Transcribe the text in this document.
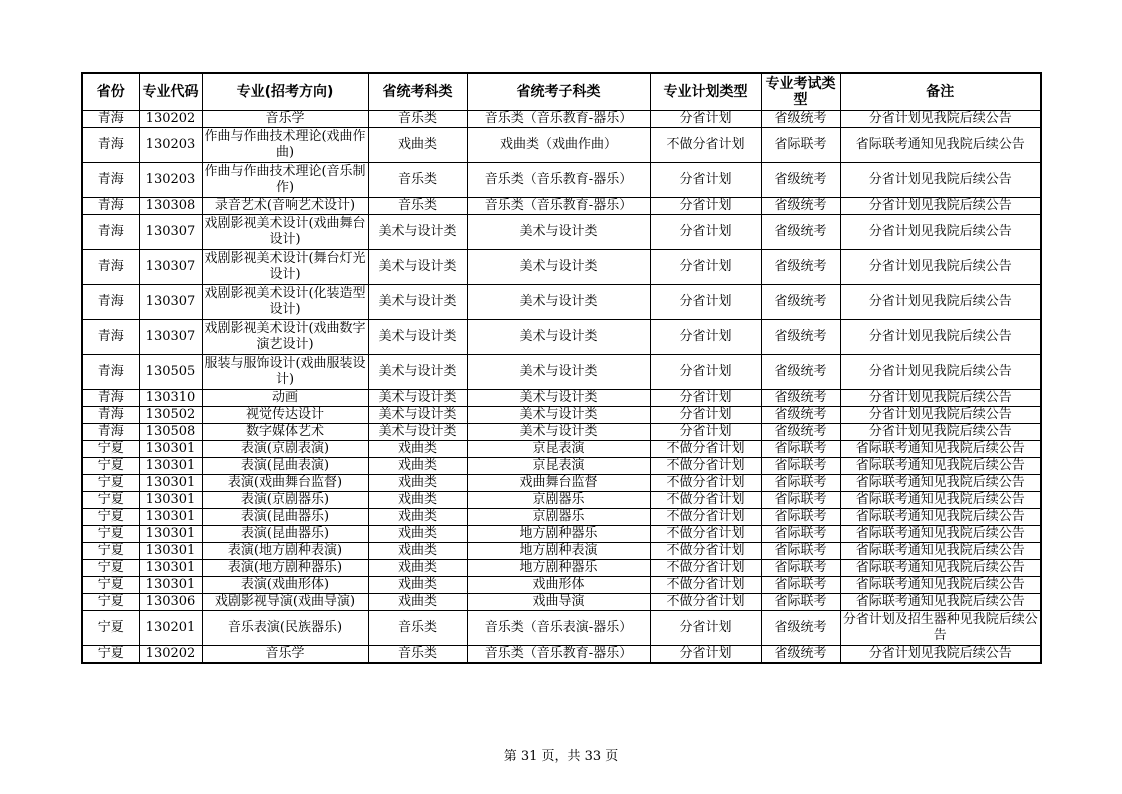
省份	专业代码	专业(招考方向)	省统考科类	省统考子科类	专业计划类型	专业考试类型	备注
青海	130202	音乐学	音乐类	音乐类（音乐教育-器乐）	分省计划	省级统考	分省计划见我院后续公告
青海	130203	作曲与作曲技术理论(戏曲作曲)	戏曲类	戏曲类（戏曲作曲）	不做分省计划	省际联考	省际联考通知见我院后续公告
青海	130203	作曲与作曲技术理论(音乐制作)	音乐类	音乐类（音乐教育-器乐）	分省计划	省级统考	分省计划见我院后续公告
青海	130308	录音艺术(音响艺术设计)	音乐类	音乐类（音乐教育-器乐）	分省计划	省级统考	分省计划见我院后续公告
青海	130307	戏剧影视美术设计(戏曲舞台设计)	美术与设计类	美术与设计类	分省计划	省级统考	分省计划见我院后续公告
青海	130307	戏剧影视美术设计(舞台灯光设计)	美术与设计类	美术与设计类	分省计划	省级统考	分省计划见我院后续公告
青海	130307	戏剧影视美术设计(化装造型设计)	美术与设计类	美术与设计类	分省计划	省级统考	分省计划见我院后续公告
青海	130307	戏剧影视美术设计(戏曲数字演艺设计)	美术与设计类	美术与设计类	分省计划	省级统考	分省计划见我院后续公告
青海	130505	服装与服饰设计(戏曲服装设计)	美术与设计类	美术与设计类	分省计划	省级统考	分省计划见我院后续公告
青海	130310	动画	美术与设计类	美术与设计类	分省计划	省级统考	分省计划见我院后续公告
青海	130502	视觉传达设计	美术与设计类	美术与设计类	分省计划	省级统考	分省计划见我院后续公告
青海	130508	数字媒体艺术	美术与设计类	美术与设计类	分省计划	省级统考	分省计划见我院后续公告
宁夏	130301	表演(京剧表演)	戏曲类	京昆表演	不做分省计划	省际联考	省际联考通知见我院后续公告
宁夏	130301	表演(昆曲表演)	戏曲类	京昆表演	不做分省计划	省际联考	省际联考通知见我院后续公告
宁夏	130301	表演(戏曲舞台监督)	戏曲类	戏曲舞台监督	不做分省计划	省际联考	省际联考通知见我院后续公告
宁夏	130301	表演(京剧器乐)	戏曲类	京剧器乐	不做分省计划	省际联考	省际联考通知见我院后续公告
宁夏	130301	表演(昆曲器乐)	戏曲类	京剧器乐	不做分省计划	省际联考	省际联考通知见我院后续公告
宁夏	130301	表演(昆曲器乐)	戏曲类	地方剧种器乐	不做分省计划	省际联考	省际联考通知见我院后续公告
宁夏	130301	表演(地方剧种表演)	戏曲类	地方剧种表演	不做分省计划	省际联考	省际联考通知见我院后续公告
宁夏	130301	表演(地方剧种器乐)	戏曲类	地方剧种器乐	不做分省计划	省际联考	省际联考通知见我院后续公告
宁夏	130301	表演(戏曲形体)	戏曲类	戏曲形体	不做分省计划	省际联考	省际联考通知见我院后续公告
宁夏	130306	戏剧影视导演(戏曲导演)	戏曲类	戏曲导演	不做分省计划	省际联考	省际联考通知见我院后续公告
宁夏	130201	音乐表演(民族器乐)	音乐类	音乐类（音乐表演-器乐）	分省计划	省级统考	分省计划及招生器种见我院后续公告
宁夏	130202	音乐学	音乐类	音乐类（音乐教育-器乐）	分省计划	省级统考	分省计划见我院后续公告
第 31 页，共 33 页
